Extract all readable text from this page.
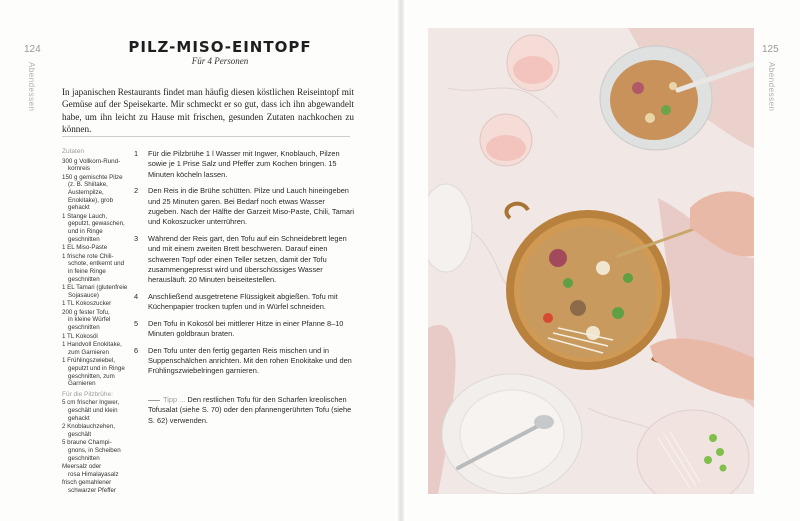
124
Abendessen
125
Abendessen
PILZ-MISO-EINTOPF
Für 4 Personen
In japanischen Restaurants findet man häufig diesen köstlichen Reiseintopf mit Gemüse auf der Speisekarte. Mir schmeckt er so gut, dass ich ihn abgewandelt habe, um ihn leicht zu Hause mit frischen, gesunden Zutaten nachkochen zu können.
Zutaten
300 g Vollkorn-Rund-
kornreis
150 g gemischte Pilze
(z. B. Shiitake, Austernpilze, Enokitake), grob gehackt
1 Stange Lauch,
geputzt, gewaschen, und in Ringe geschnitten
1 EL Miso-Paste
1 frische rote Chili-
schote, entkernt und in feine Ringe geschnitten
1 EL Tamari (glutenfreie
Sojasauce)
1 TL Kokoszucker
200 g fester Tofu,
in kleine Würfel geschnitten
1 TL Kokosöl
1 Handvoll Enokitake,
zum Garnieren
1 Frühlingszwiebel,
geputzt und in Ringe geschnitten, zum Garnieren
Für die Pilzbrühe:
5 cm frischer Ingwer,
geschält und klein gehackt
2 Knoblauchzehen,
geschält
5 braune Champi-
gnons, in Scheiben geschnitten
Meersalz oder
rosa Himalayasalz
frisch gemahlener
schwarzer Pfeffer
1 Für die Pilzbrühe 1 l Wasser mit Ingwer, Knoblauch, Pilzen sowie je 1 Prise Salz und Pfeffer zum Kochen bringen. 15 Minuten köcheln lassen.
2 Den Reis in die Brühe schütten. Pilze und Lauch hineingeben und 25 Minuten garen. Bei Bedarf noch etwas Wasser zugeben. Nach der Hälfte der Garzeit Miso-Paste, Chili, Tamari und Kokoszucker unterrühren.
3 Während der Reis gart, den Tofu auf ein Schneidebrett legen und mit einem zweiten Brett beschweren. Darauf einen schweren Topf oder einen Teller setzen, damit der Tofu zusammengepresst wird und überschüssiges Wasser herausläuft. 20 Minuten beiseitestellen.
4 Anschließend ausgetretene Flüssigkeit abgießen. Tofu mit Küchenpapier trocken tupfen und in Würfel schneiden.
5 Den Tofu in Kokosöl bei mittlerer Hitze in einer Pfanne 8–10 Minuten goldbraun braten.
6 Den Tofu unter den fertig gegarten Reis mischen und in Suppenschälchen anrichten. Mit den rohen Enokitake und den Frühlingszwiebelringen garnieren.
Tipp ... Den restlichen Tofu für den Scharfen kreolischen Tofusalat (siehe S. 70) oder den pfannengerührten Tofu (siehe S. 62) verwenden.
